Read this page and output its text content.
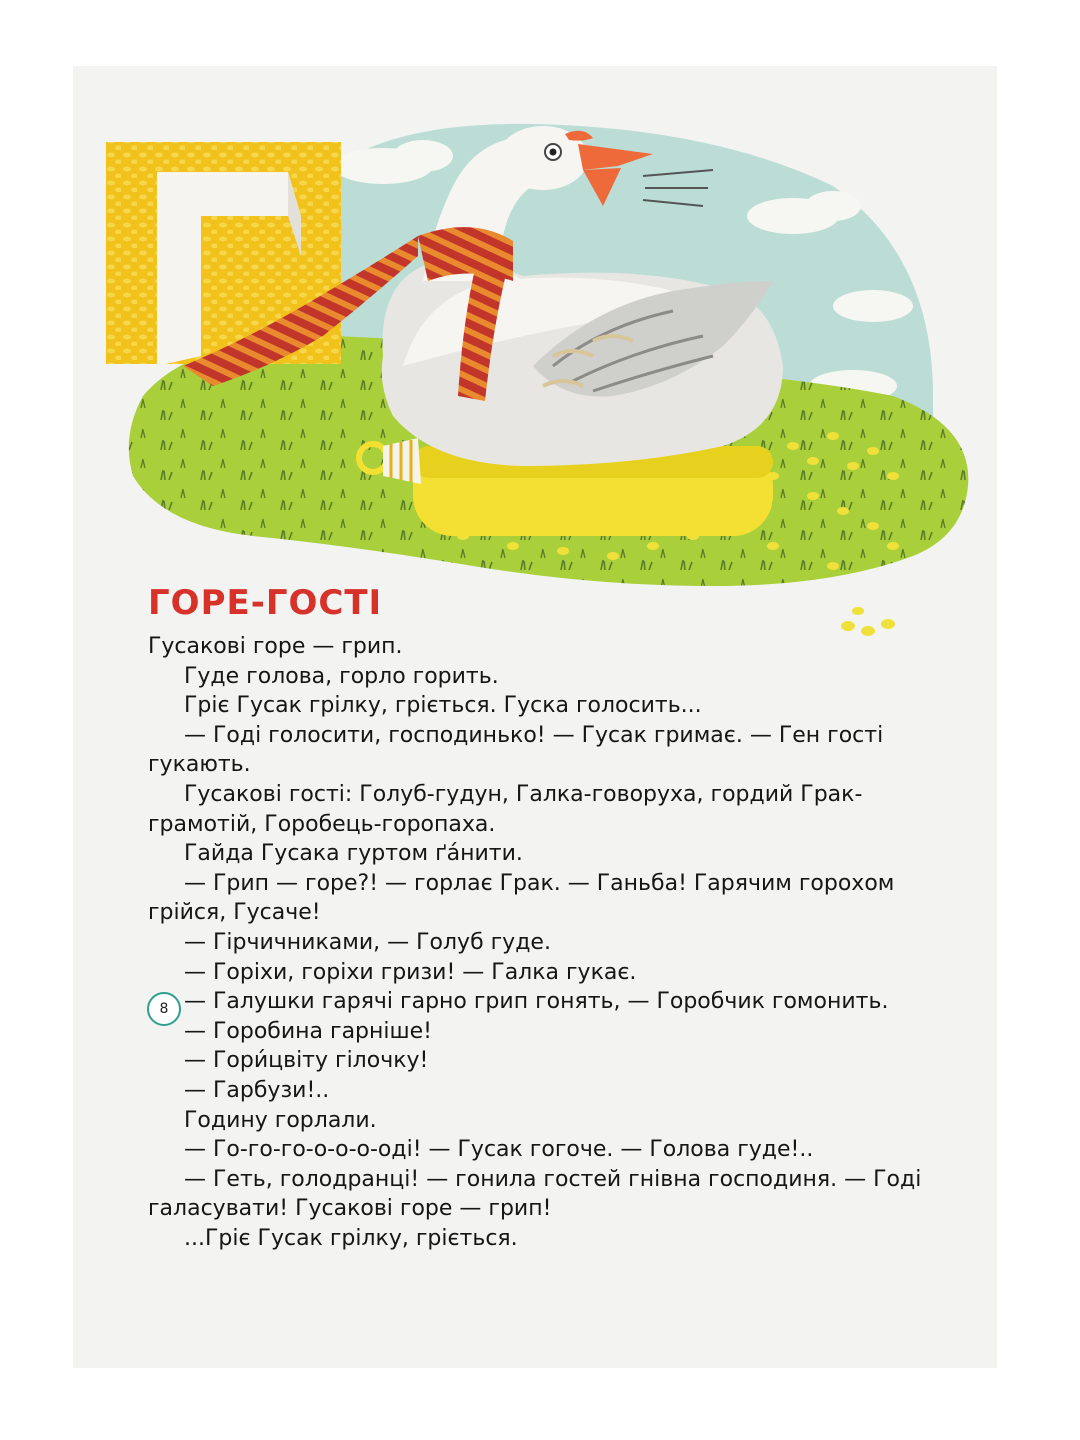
ГОРЕ-ГОСТІ

Гусакові горе — грип.

Гуде голова, горло горить.

Гріє Гусак грілку, гріється. Гуска голосить...

— Годі голосити, господинько! — Гусак гримає. — Ген гості гукають.

Гусакові гості: Голуб-гудун, Галка-говоруха, гордий Грак-грамотій, Горобець-горопаха.

Гайда Гусака гуртом ґа́нити.

— Грип — горе?! — горлає Грак. — Ганьба! Гарячим горохом грійся, Гусаче!

— Гірчичниками, — Голуб гуде.

— Горіхи, горіхи гризи! — Галка гукає.

— Галушки гарячі гарно грип гонять, — Горобчик гомонить.

— Горобина гарніше!

— Гори́цвіту гілочку!

— Гарбузи!..

Годину горлали.

— Го-го-го-о-о-о-оді! — Гусак гогоче. — Голова гуде!..

— Геть, голодранці! — гонила гостей гнівна господиня. — Годі галасувати! Гусакові горе — грип!

...Гріє Гусак грілку, гріється.

8
